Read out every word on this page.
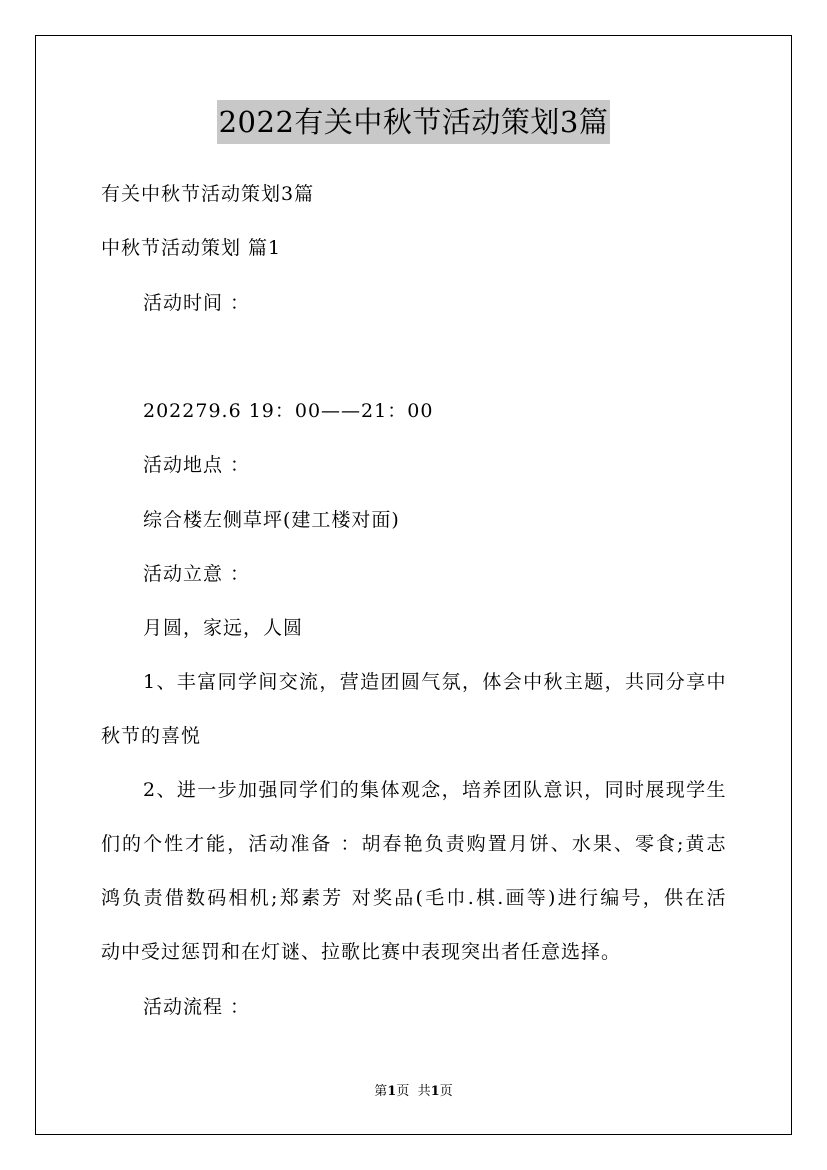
2022有关中秋节活动策划3篇
有关中秋节活动策划3篇
中秋节活动策划 篇1
活动时间 ：
202279.6 19：00——21：00
活动地点 ：
综合楼左侧草坪(建工楼对面)
活动立意 ：
月圆，家远，人圆
1、丰富同学间交流，营造团圆气氛，体会中秋主题，共同分享中
秋节的喜悦
2、进一步加强同学们的集体观念，培养团队意识，同时展现学生
们的个性才能，活动准备 ：胡春艳负责购置月饼、水果、零食;黄志
鸿负责借数码相机;郑素芳 对奖品(毛巾.棋.画等)进行编号，供在活
动中受过惩罚和在灯谜、拉歌比赛中表现突出者任意选择。
活动流程 ：
第1页 共1页
